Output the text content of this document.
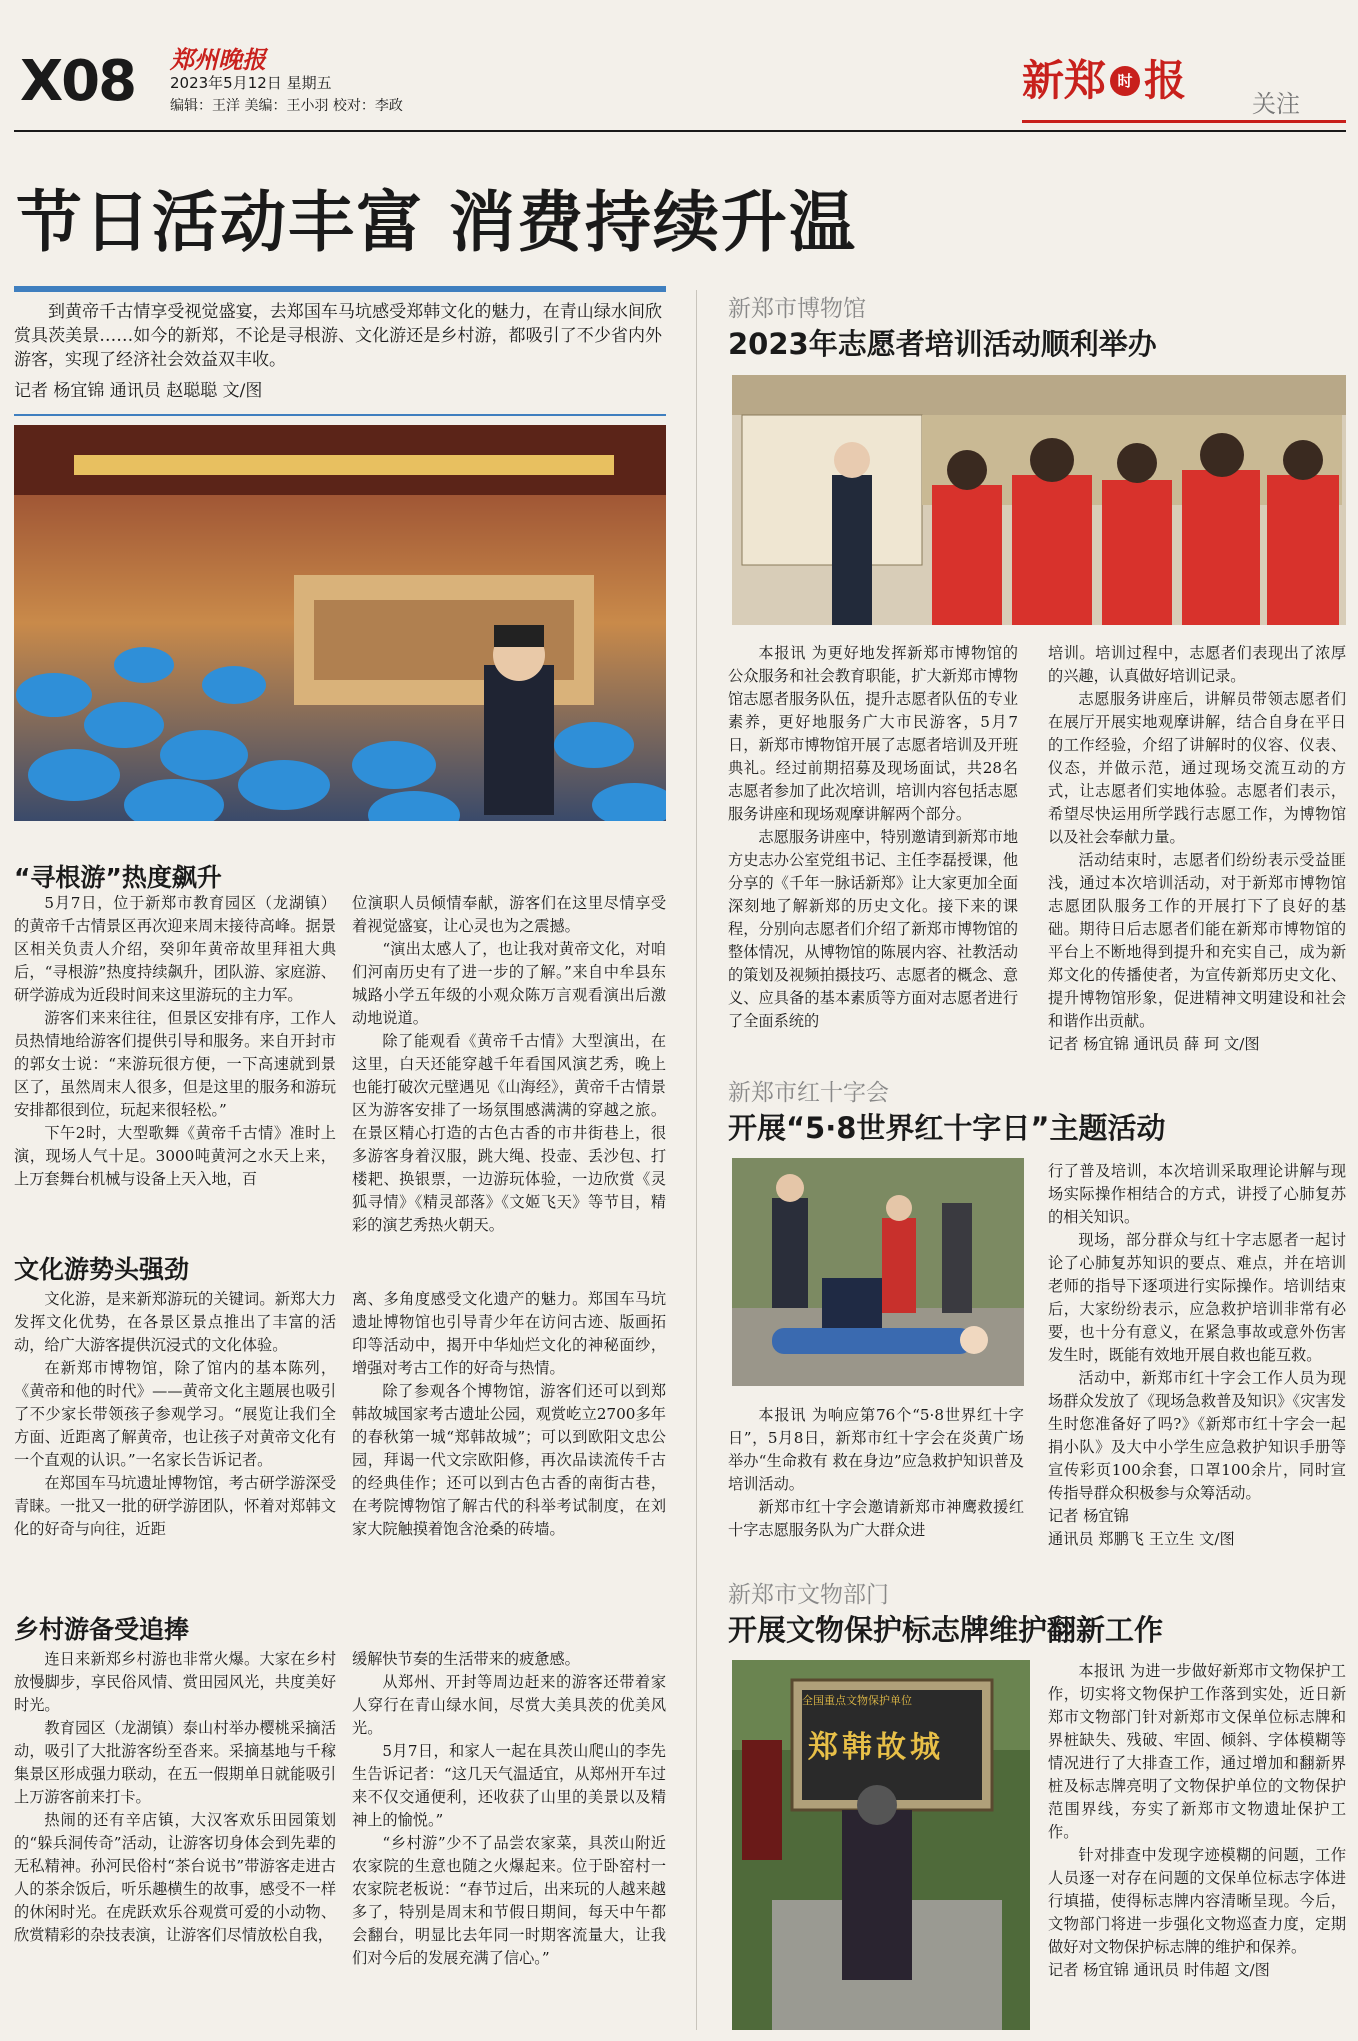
X08 郑州晚报
2023年5月12日 星期五
编辑：王洋 美编：王小羽 校对：李政
新郑 时 报	关注
节日活动丰富 消费持续升温

到黄帝千古情享受视觉盛宴，去郑国车马坑感受郑韩文化的魅力，在青山绿水间欣赏具茨美景……如今的新郑，不论是寻根游、文化游还是乡村游，都吸引了不少省内外游客，实现了经济社会效益双丰收。

记者 杨宜锦 通讯员 赵聪聪 文/图

“寻根游”热度飙升

5月7日，位于新郑市教育园区（龙湖镇）的黄帝千古情景区再次迎来周末接待高峰。据景区相关负责人介绍，癸卯年黄帝故里拜祖大典后，“寻根游”热度持续飙升，团队游、家庭游、研学游成为近段时间来这里游玩的主力军。

游客们来来往往，但景区安排有序，工作人员热情地给游客们提供引导和服务。来自开封市的郭女士说：“来游玩很方便，一下高速就到景区了，虽然周末人很多，但是这里的服务和游玩安排都很到位，玩起来很轻松。”

下午2时，大型歌舞《黄帝千古情》准时上演，现场人气十足。3000吨黄河之水天上来，上万套舞台机械与设备上天入地，百

位演职人员倾情奉献，游客们在这里尽情享受着视觉盛宴，让心灵也为之震撼。

“演出太感人了，也让我对黄帝文化，对咱们河南历史有了进一步的了解。”来自中牟县东城路小学五年级的小观众陈万言观看演出后激动地说道。

除了能观看《黄帝千古情》大型演出，在这里，白天还能穿越千年看国风演艺秀，晚上也能打破次元壁遇见《山海经》，黄帝千古情景区为游客安排了一场氛围感满满的穿越之旅。在景区精心打造的古色古香的市井街巷上，很多游客身着汉服，跳大绳、投壶、丢沙包、打楼耙、换银票，一边游玩体验，一边欣赏《灵狐寻情》《精灵部落》《文姬飞天》等节目，精彩的演艺秀热火朝天。

文化游势头强劲

文化游，是来新郑游玩的关键词。新郑大力发挥文化优势，在各景区景点推出了丰富的活动，给广大游客提供沉浸式的文化体验。

在新郑市博物馆，除了馆内的基本陈列，《黄帝和他的时代》——黄帝文化主题展也吸引了不少家长带领孩子参观学习。“展览让我们全方面、近距离了解黄帝，也让孩子对黄帝文化有一个直观的认识。”一名家长告诉记者。

在郑国车马坑遗址博物馆，考古研学游深受青睐。一批又一批的研学游团队，怀着对郑韩文化的好奇与向往，近距

离、多角度感受文化遗产的魅力。郑国车马坑遗址博物馆也引导青少年在访问古迹、版画拓印等活动中，揭开中华灿烂文化的神秘面纱，增强对考古工作的好奇与热情。

除了参观各个博物馆，游客们还可以到郑韩故城国家考古遗址公园，观赏屹立2700多年的春秋第一城“郑韩故城”；可以到欧阳文忠公园，拜谒一代文宗欧阳修，再次品读流传千古的经典佳作；还可以到古色古香的南街古巷，在考院博物馆了解古代的科举考试制度，在刘家大院触摸着饱含沧桑的砖墙。

乡村游备受追捧

连日来新郑乡村游也非常火爆。大家在乡村放慢脚步，享民俗风情、赏田园风光，共度美好时光。

教育园区（龙湖镇）泰山村举办樱桃采摘活动，吸引了大批游客纷至沓来。采摘基地与千稼集景区形成强力联动，在五一假期单日就能吸引上万游客前来打卡。

热闹的还有辛店镇，大汉客欢乐田园策划的“躲兵洞传奇”活动，让游客切身体会到先辈的无私精神。孙河民俗村“茶台说书”带游客走进古人的茶余饭后，听乐趣横生的故事，感受不一样的休闲时光。在虎跃欢乐谷观赏可爱的小动物、欣赏精彩的杂技表演，让游客们尽情放松自我，

缓解快节奏的生活带来的疲惫感。

从郑州、开封等周边赶来的游客还带着家人穿行在青山绿水间，尽赏大美具茨的优美风光。

5月7日，和家人一起在具茨山爬山的李先生告诉记者：“这几天气温适宜，从郑州开车过来不仅交通便利，还收获了山里的美景以及精神上的愉悦。”

“乡村游”少不了品尝农家菜，具茨山附近农家院的生意也随之火爆起来。位于卧窑村一农家院老板说：“春节过后，出来玩的人越来越多了，特别是周末和节假日期间，每天中午都会翻台，明显比去年同一时期客流量大，让我们对今后的发展充满了信心。”

新郑市博物馆
2023年志愿者培训活动顺利举办

本报讯 为更好地发挥新郑市博物馆的公众服务和社会教育职能，扩大新郑市博物馆志愿者服务队伍，提升志愿者队伍的专业素养，更好地服务广大市民游客，5月7日，新郑市博物馆开展了志愿者培训及开班典礼。经过前期招募及现场面试，共28名志愿者参加了此次培训，培训内容包括志愿服务讲座和现场观摩讲解两个部分。

志愿服务讲座中，特别邀请到新郑市地方史志办公室党组书记、主任李磊授课，他分享的《千年一脉话新郑》让大家更加全面深刻地了解新郑的历史文化。接下来的课程，分别向志愿者们介绍了新郑市博物馆的整体情况，从博物馆的陈展内容、社教活动的策划及视频拍摄技巧、志愿者的概念、意义、应具备的基本素质等方面对志愿者进行了全面系统的

培训。培训过程中，志愿者们表现出了浓厚的兴趣，认真做好培训记录。

志愿服务讲座后，讲解员带领志愿者们在展厅开展实地观摩讲解，结合自身在平日的工作经验，介绍了讲解时的仪容、仪表、仪态，并做示范，通过现场交流互动的方式，让志愿者们实地体验。志愿者们表示，希望尽快运用所学践行志愿工作，为博物馆以及社会奉献力量。

活动结束时，志愿者们纷纷表示受益匪浅，通过本次培训活动，对于新郑市博物馆志愿团队服务工作的开展打下了良好的基础。期待日后志愿者们能在新郑市博物馆的平台上不断地得到提升和充实自己，成为新郑文化的传播使者，为宣传新郑历史文化、提升博物馆形象，促进精神文明建设和社会和谐作出贡献。

记者 杨宜锦 通讯员 薛 珂 文/图

新郑市红十字会
开展“5·8世界红十字日”主题活动

本报讯 为响应第76个“5·8世界红十字日”，5月8日，新郑市红十字会在炎黄广场举办“生命救有 救在身边”应急救护知识普及培训活动。

新郑市红十字会邀请新郑市神鹰救援红十字志愿服务队为广大群众进

行了普及培训，本次培训采取理论讲解与现场实际操作相结合的方式，讲授了心肺复苏的相关知识。

现场，部分群众与红十字志愿者一起讨论了心肺复苏知识的要点、难点，并在培训老师的指导下逐项进行实际操作。培训结束后，大家纷纷表示，应急救护培训非常有必要，也十分有意义，在紧急事故或意外伤害发生时，既能有效地开展自救也能互救。

活动中，新郑市红十字会工作人员为现场群众发放了《现场急救普及知识》《灾害发生时您准备好了吗?》《新郑市红十字会一起捐小队》及大中小学生应急救护知识手册等宣传彩页100余套，口罩100余片，同时宣传指导群众积极参与众筹活动。

记者 杨宜锦

通讯员 郑鹏飞 王立生 文/图

新郑市文物部门
开展文物保护标志牌维护翻新工作
全国重点文物保护单位
郑韩故城

本报讯 为进一步做好新郑市文物保护工作，切实将文物保护工作落到实处，近日新郑市文物部门针对新郑市文保单位标志牌和界桩缺失、残破、牢固、倾斜、字体模糊等情况进行了大排查工作，通过增加和翻新界桩及标志牌亮明了文物保护单位的文物保护范围界线，夯实了新郑市文物遗址保护工作。

针对排查中发现字迹模糊的问题，工作人员逐一对存在问题的文保单位标志字体进行填描，使得标志牌内容清晰呈现。今后，文物部门将进一步强化文物巡查力度，定期做好对文物保护标志牌的维护和保养。

记者 杨宜锦 通讯员 时伟超 文/图
